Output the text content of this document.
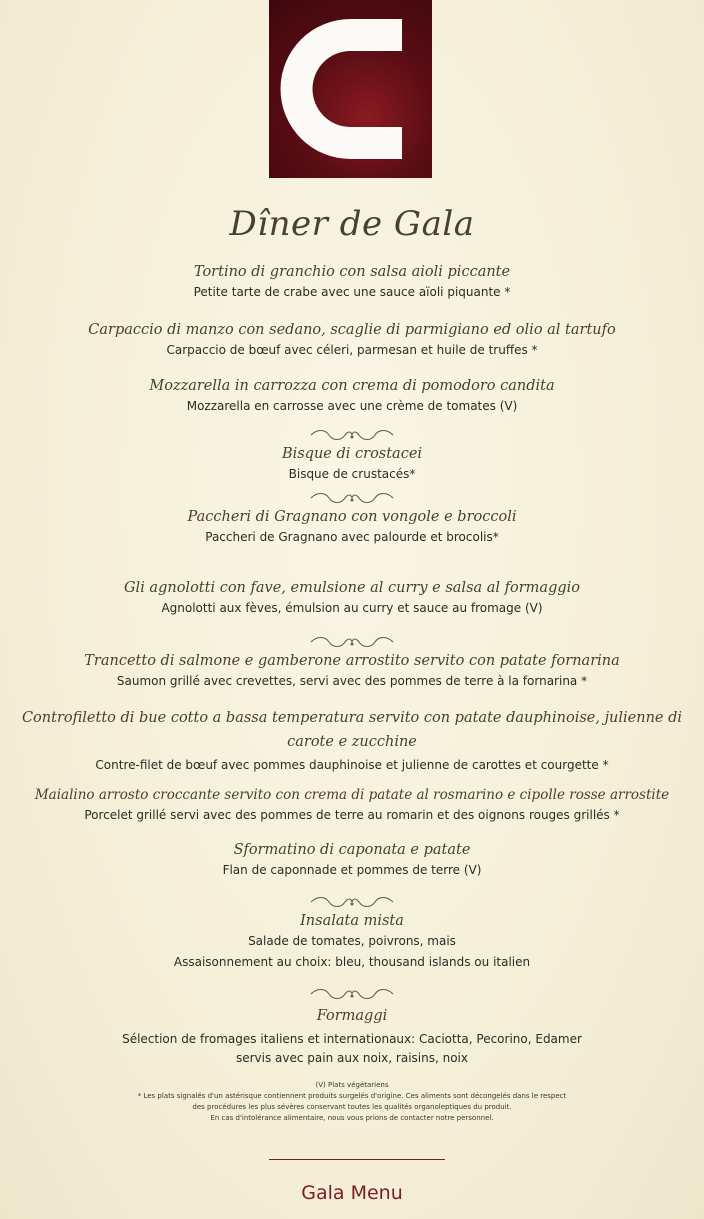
Dîner de Gala
Tortino di granchio con salsa aioli piccante
Petite tarte de crabe avec une sauce aïoli piquante *
Carpaccio di manzo con sedano, scaglie di parmigiano ed olio al tartufo
Carpaccio de bœuf avec céleri, parmesan et huile de truffes *
Mozzarella in carrozza con crema di pomodoro candita
Mozzarella en carrosse avec une crème de tomates (V)
Bisque di crostacei
Bisque de crustacés*
Paccheri di Gragnano con vongole e broccoli
Paccheri de Gragnano avec palourde et brocolis*
Gli agnolotti con fave, emulsione al curry e salsa al formaggio
Agnolotti aux fèves, émulsion au curry et sauce au fromage (V)
Trancetto di salmone e gamberone arrostito servito con patate fornarina
Saumon grillé avec crevettes, servi avec des pommes de terre à la fornarina *
Controfiletto di bue cotto a bassa temperatura servito con patate dauphinoise, julienne di carote e zucchine
Contre-filet de bœuf avec pommes dauphinoise et julienne de carottes et courgette *
Maialino arrosto croccante servito con crema di patate al rosmarino e cipolle rosse arrostite
Porcelet grillé servi avec des pommes de terre au romarin et des oignons rouges grillés *
Sformatino di caponata e patate
Flan de caponnade et pommes de terre (V)
Insalata mista
Salade de tomates, poivrons, mais
Assaisonnement au choix: bleu, thousand islands ou italien
Formaggi
Sélection de fromages italiens et internationaux: Caciotta, Pecorino, Edamer
servis avec pain aux noix, raisins, noix
(V) Plats végétariens
* Les plats signalés d'un astérisque contiennent produits surgelés d'origine. Ces aliments sont décongelés dans le respect
des procédures les plus sévères conservant toutes les qualités organoleptiques du produit.
En cas d'intolérance alimentaire, nous vous prions de contacter notre personnel.
Gala Menu
